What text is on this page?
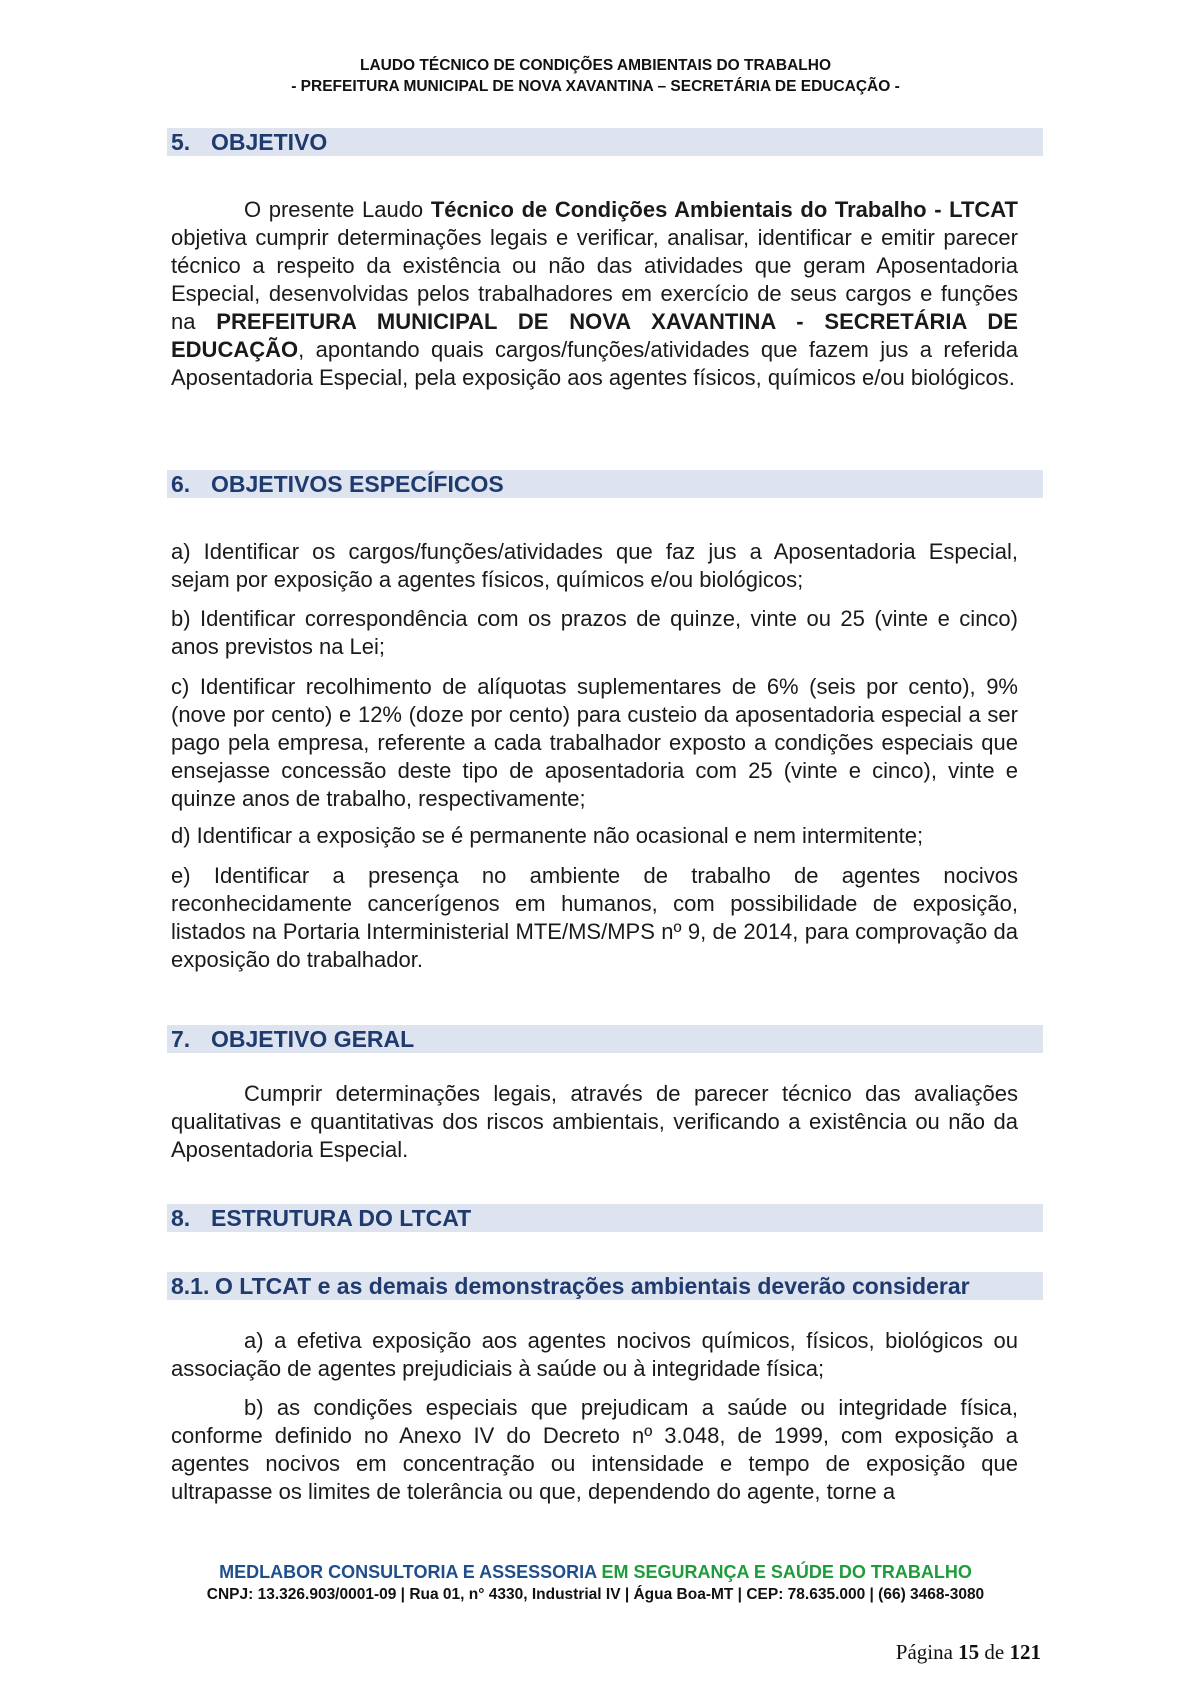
LAUDO TÉCNICO DE CONDIÇÕES AMBIENTAIS DO TRABALHO
- PREFEITURA MUNICIPAL DE NOVA XAVANTINA – SECRETÁRIA DE EDUCAÇÃO -
5. OBJETIVO

O presente Laudo Técnico de Condições Ambientais do Trabalho - LTCAT objetiva cumprir determinações legais e verificar, analisar, identificar e emitir parecer técnico a respeito da existência ou não das atividades que geram Aposentadoria Especial, desenvolvidas pelos trabalhadores em exercício de seus cargos e funções na PREFEITURA MUNICIPAL DE NOVA XAVANTINA - SECRETÁRIA DE EDUCAÇÃO, apontando quais cargos/funções/atividades que fazem jus a referida Aposentadoria Especial, pela exposição aos agentes físicos, químicos e/ou biológicos.

6. OBJETIVOS ESPECÍFICOS

a) Identificar os cargos/funções/atividades que faz jus a Aposentadoria Especial, sejam por exposição a agentes físicos, químicos e/ou biológicos;

b) Identificar correspondência com os prazos de quinze, vinte ou 25 (vinte e cinco) anos previstos na Lei;

c) Identificar recolhimento de alíquotas suplementares de 6% (seis por cento), 9% (nove por cento) e 12% (doze por cento) para custeio da aposentadoria especial a ser pago pela empresa, referente a cada trabalhador exposto a condições especiais que ensejasse concessão deste tipo de aposentadoria com 25 (vinte e cinco), vinte e quinze anos de trabalho, respectivamente;

d) Identificar a exposição se é permanente não ocasional e nem intermitente;

e) Identificar a presença no ambiente de trabalho de agentes nocivos reconhecidamente cancerígenos em humanos, com possibilidade de exposição, listados na Portaria Interministerial MTE/MS/MPS nº 9, de 2014, para comprovação da exposição do trabalhador.

7. OBJETIVO GERAL

Cumprir determinações legais, através de parecer técnico das avaliações qualitativas e quantitativas dos riscos ambientais, verificando a existência ou não da Aposentadoria Especial.

8. ESTRUTURA DO LTCAT
8.1. O LTCAT e as demais demonstrações ambientais deverão considerar

a) a efetiva exposição aos agentes nocivos químicos, físicos, biológicos ou associação de agentes prejudiciais à saúde ou à integridade física;

b) as condições especiais que prejudicam a saúde ou integridade física, conforme definido no Anexo IV do Decreto nº 3.048, de 1999, com exposição a agentes nocivos em concentração ou intensidade e tempo de exposição que ultrapasse os limites de tolerância ou que, dependendo do agente, torne a

MEDLABOR CONSULTORIA E ASSESSORIA EM SEGURANÇA E SAÚDE DO TRABALHO
CNPJ: 13.326.903/0001-09 | Rua 01, n° 4330, Industrial IV | Água Boa-MT | CEP: 78.635.000 | (66) 3468-3080
Página 15 de 121
